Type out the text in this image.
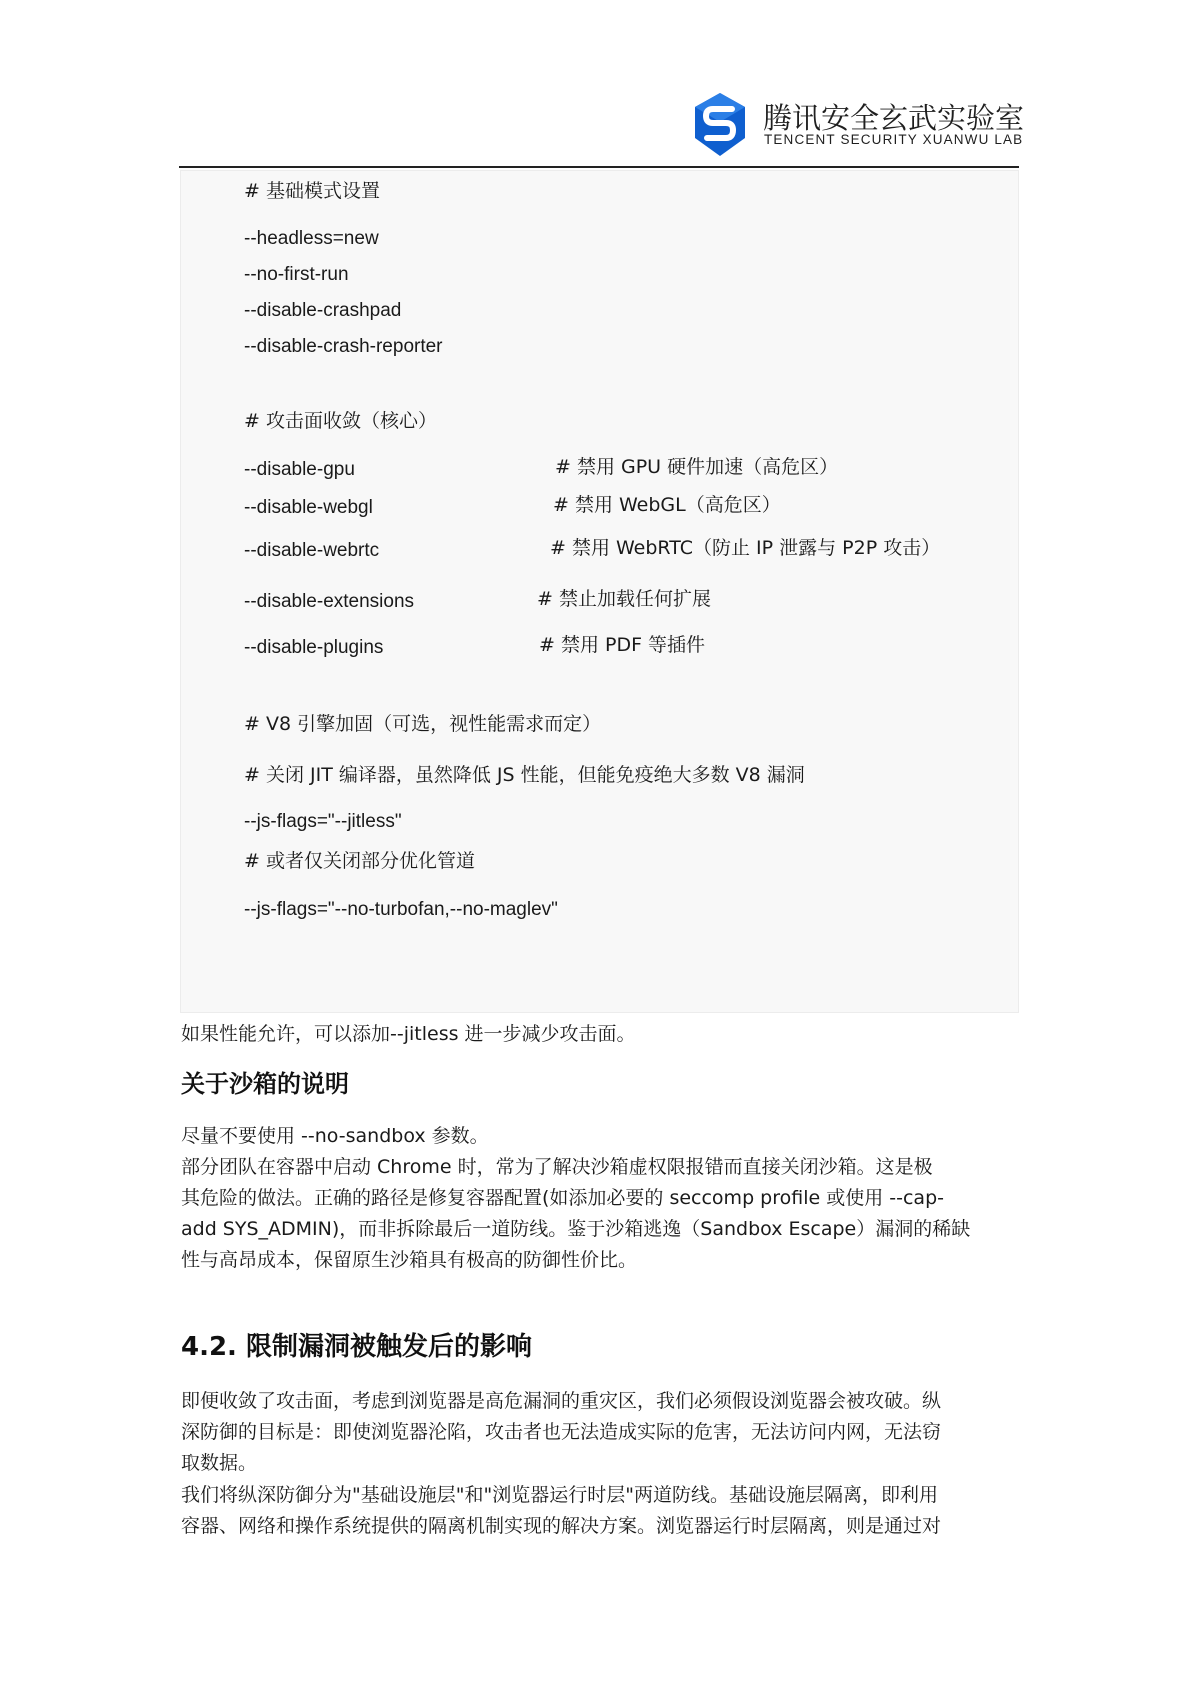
腾讯安全玄武实验室
TENCENT SECURITY XUANWU LAB
# 基础模式设置
--headless=new
--no-first-run
--disable-crashpad
--disable-crash-reporter
# 攻击面收敛（核心）
--disable-gpu	# 禁用 GPU 硬件加速（高危区）
--disable-webgl	# 禁用 WebGL（高危区）
--disable-webrtc	# 禁用 WebRTC（防止 IP 泄露与 P2P 攻击）
--disable-extensions	# 禁止加载任何扩展
--disable-plugins	# 禁用 PDF 等插件
# V8 引擎加固（可选，视性能需求而定）
# 关闭 JIT 编译器，虽然降低 JS 性能，但能免疫绝大多数 V8 漏洞
--js-flags="--jitless"
# 或者仅关闭部分优化管道
--js-flags="--no-turbofan,--no-maglev"
如果性能允许，可以添加--jitless 进一步减少攻击面。
关于沙箱的说明
尽量不要使用 --no-sandbox 参数。
部分团队在容器中启动 Chrome 时，常为了解决沙箱虚权限报错而直接关闭沙箱。这是极
其危险的做法。正确的路径是修复容器配置(如添加必要的 seccomp profile 或使用 --cap-
add SYS_ADMIN)，而非拆除最后一道防线。鉴于沙箱逃逸（Sandbox Escape）漏洞的稀缺
性与高昂成本，保留原生沙箱具有极高的防御性价比。
4.2. 限制漏洞被触发后的影响
即便收敛了攻击面，考虑到浏览器是高危漏洞的重灾区，我们必须假设浏览器会被攻破。纵
深防御的目标是：即使浏览器沦陷，攻击者也无法造成实际的危害，无法访问内网，无法窃
取数据。
我们将纵深防御分为"基础设施层"和"浏览器运行时层"两道防线。基础设施层隔离，即利用
容器、网络和操作系统提供的隔离机制实现的解决方案。浏览器运行时层隔离，则是通过对
